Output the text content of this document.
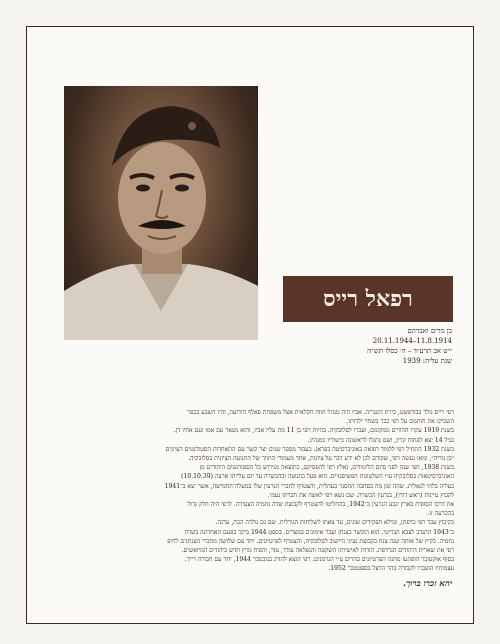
רפאל רייס
בן מרים ואברהם
11.8.1914–20.11.1944
י״ט אב תרע״ד – ה׳ כסלו תש״ה
שנת עליה: 1939
רפי רייס נולד בבודפשט, בירת הונגריה. אביו היה מנהל חווה חקלאית אצל משפחת פאלף הידועה, והיו השבע בכפר
השכיקו את חותמם על רפי כבר בשחר ילדותו.
בשנת 1919 עקרו ההורים ממקומם, ועברו לסלובקיה. בהיות רפי בן 11 מת עליו אביו, והוא נשאר עם אמו ועם אחיו דן.
בגיל 14 יצא לפתוח קרין, ושם נתגלו לראשונה כישוריו כמנהיג.
בשנת 1932 התחיל רפי ללמוד רפואה באוניברסיטה בפראג. כעבור מספר שנים יצר קשר עם התאחדות הסטודנטים הציונים
״בן גוריה״, ומאז נעשה רפי, שקודם לכן לא ידע דבר על ציונות, אחד מעמודי התווך של התנועה הציונית בסלובקיה.
בשנת 1938, חצי שנה לפני סיום הלימודים, נאלץ רפי להפסיקם, כתוצאה מגירוש כל הסטודנטים היהודים מן
האוניברסיטאות בסלובקיה ע״י השלטונות הפשיסטיים. הוא פעל בתנועה ובהכשרה עד יום עלייתו ארצה (10.10.39)
בעליה בלתי לגאלית. שהה זמן מה בסחבה ההסגר בעתלית, והצטרף לחברי הגרעין שלו במעלה־החמישה, אשר יצא ב־1941
לקבוץ עיינות (ראש דודו), בגרעין הכשרה. שם נשא רפי לאשה את חברתו נעמי.
את דרכו הסופית בארץ קבע הגרעין ב־1942, בהחליטו להצטרף לקבוצת שדה נחמיה הצעירה. לרפי היה חלק גדול
בהכרעה זו.
בקיבוץ עבד רפי כרפתן, ומילא תפקידים שונים, עד צאתו לשליחות הגורלית. שם גם נולדה הבת, עדנה.
ב־1943 התנדב לצבא הבריטי. הוא הוכשר כצנחן ועבר אימונים במצרים. בספט 1944 ביקר בפעם האחרונה בשדה
נחמיה. בקיץ של אותה שנה צנח בקבוצת נציגי היישוב לסלובקיה, והצטרף לפרטיזנים. יחד עם שלושה מחברי הצנחנים לחיפ
רפי את שארית היהודים הנרדפת. הודות לאישיותו השקטה והנפלאה עודד, עזר, והפיח מרץ חדש ביהודים המיואשים.
בסוף אוקטובר הופתעו מחנה הפרטיזנים בהרים ע״י הגרמנים. רפי הוצא להורג בנובמבר 1944, יחד עם חבורה רייך.
עצמותיו הועברו לקבורה בהר הרצל בספטמבר 1952.
יהא זכרו ברוך.
